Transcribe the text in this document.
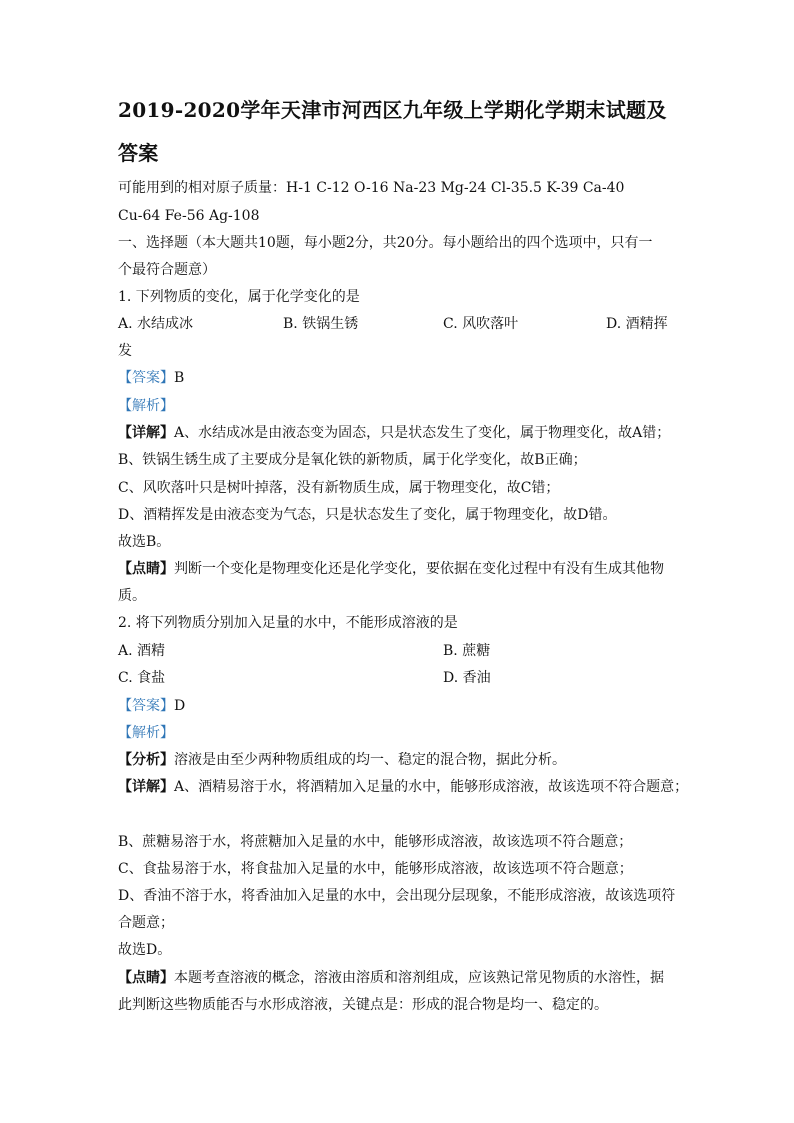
2019-2020学年天津市河西区九年级上学期化学期末试题及
答案
可能用到的相对原子质量：H-1 C-12 O-16 Na-23 Mg-24 Cl-35.5 K-39 Ca-40
Cu-64 Fe-56 Ag-108
一、选择题（本大题共10题，每小题2分，共20分。每小题给出的四个选项中，只有一
个最符合题意）
1. 下列物质的变化，属于化学变化的是
A. 水结成冰	B. 铁锅生锈	C. 风吹落叶	D. 酒精挥
发
【答案】B
【解析】
【详解】A、水结成冰是由液态变为固态，只是状态发生了变化，属于物理变化，故A错；
B、铁锅生锈生成了主要成分是氧化铁的新物质，属于化学变化，故B正确；
C、风吹落叶只是树叶掉落，没有新物质生成，属于物理变化，故C错；
D、酒精挥发是由液态变为气态，只是状态发生了变化，属于物理变化，故D错。
故选B。
【点睛】判断一个变化是物理变化还是化学变化，要依据在变化过程中有没有生成其他物
质。
2. 将下列物质分别加入足量的水中，不能形成溶液的是
A. 酒精	B. 蔗糖
C. 食盐	D. 香油
【答案】D
【解析】
【分析】溶液是由至少两种物质组成的均一、稳定的混合物，据此分析。
【详解】A、酒精易溶于水，将酒精加入足量的水中，能够形成溶液，故该选项不符合题意；
B、蔗糖易溶于水，将蔗糖加入足量的水中，能够形成溶液，故该选项不符合题意；
C、食盐易溶于水，将食盐加入足量的水中，能够形成溶液，故该选项不符合题意；
D、香油不溶于水，将香油加入足量的水中，会出现分层现象，不能形成溶液，故该选项符
合题意；
故选D。
【点睛】本题考查溶液的概念，溶液由溶质和溶剂组成，应该熟记常见物质的水溶性，据
此判断这些物质能否与水形成溶液，关键点是：形成的混合物是均一、稳定的。
